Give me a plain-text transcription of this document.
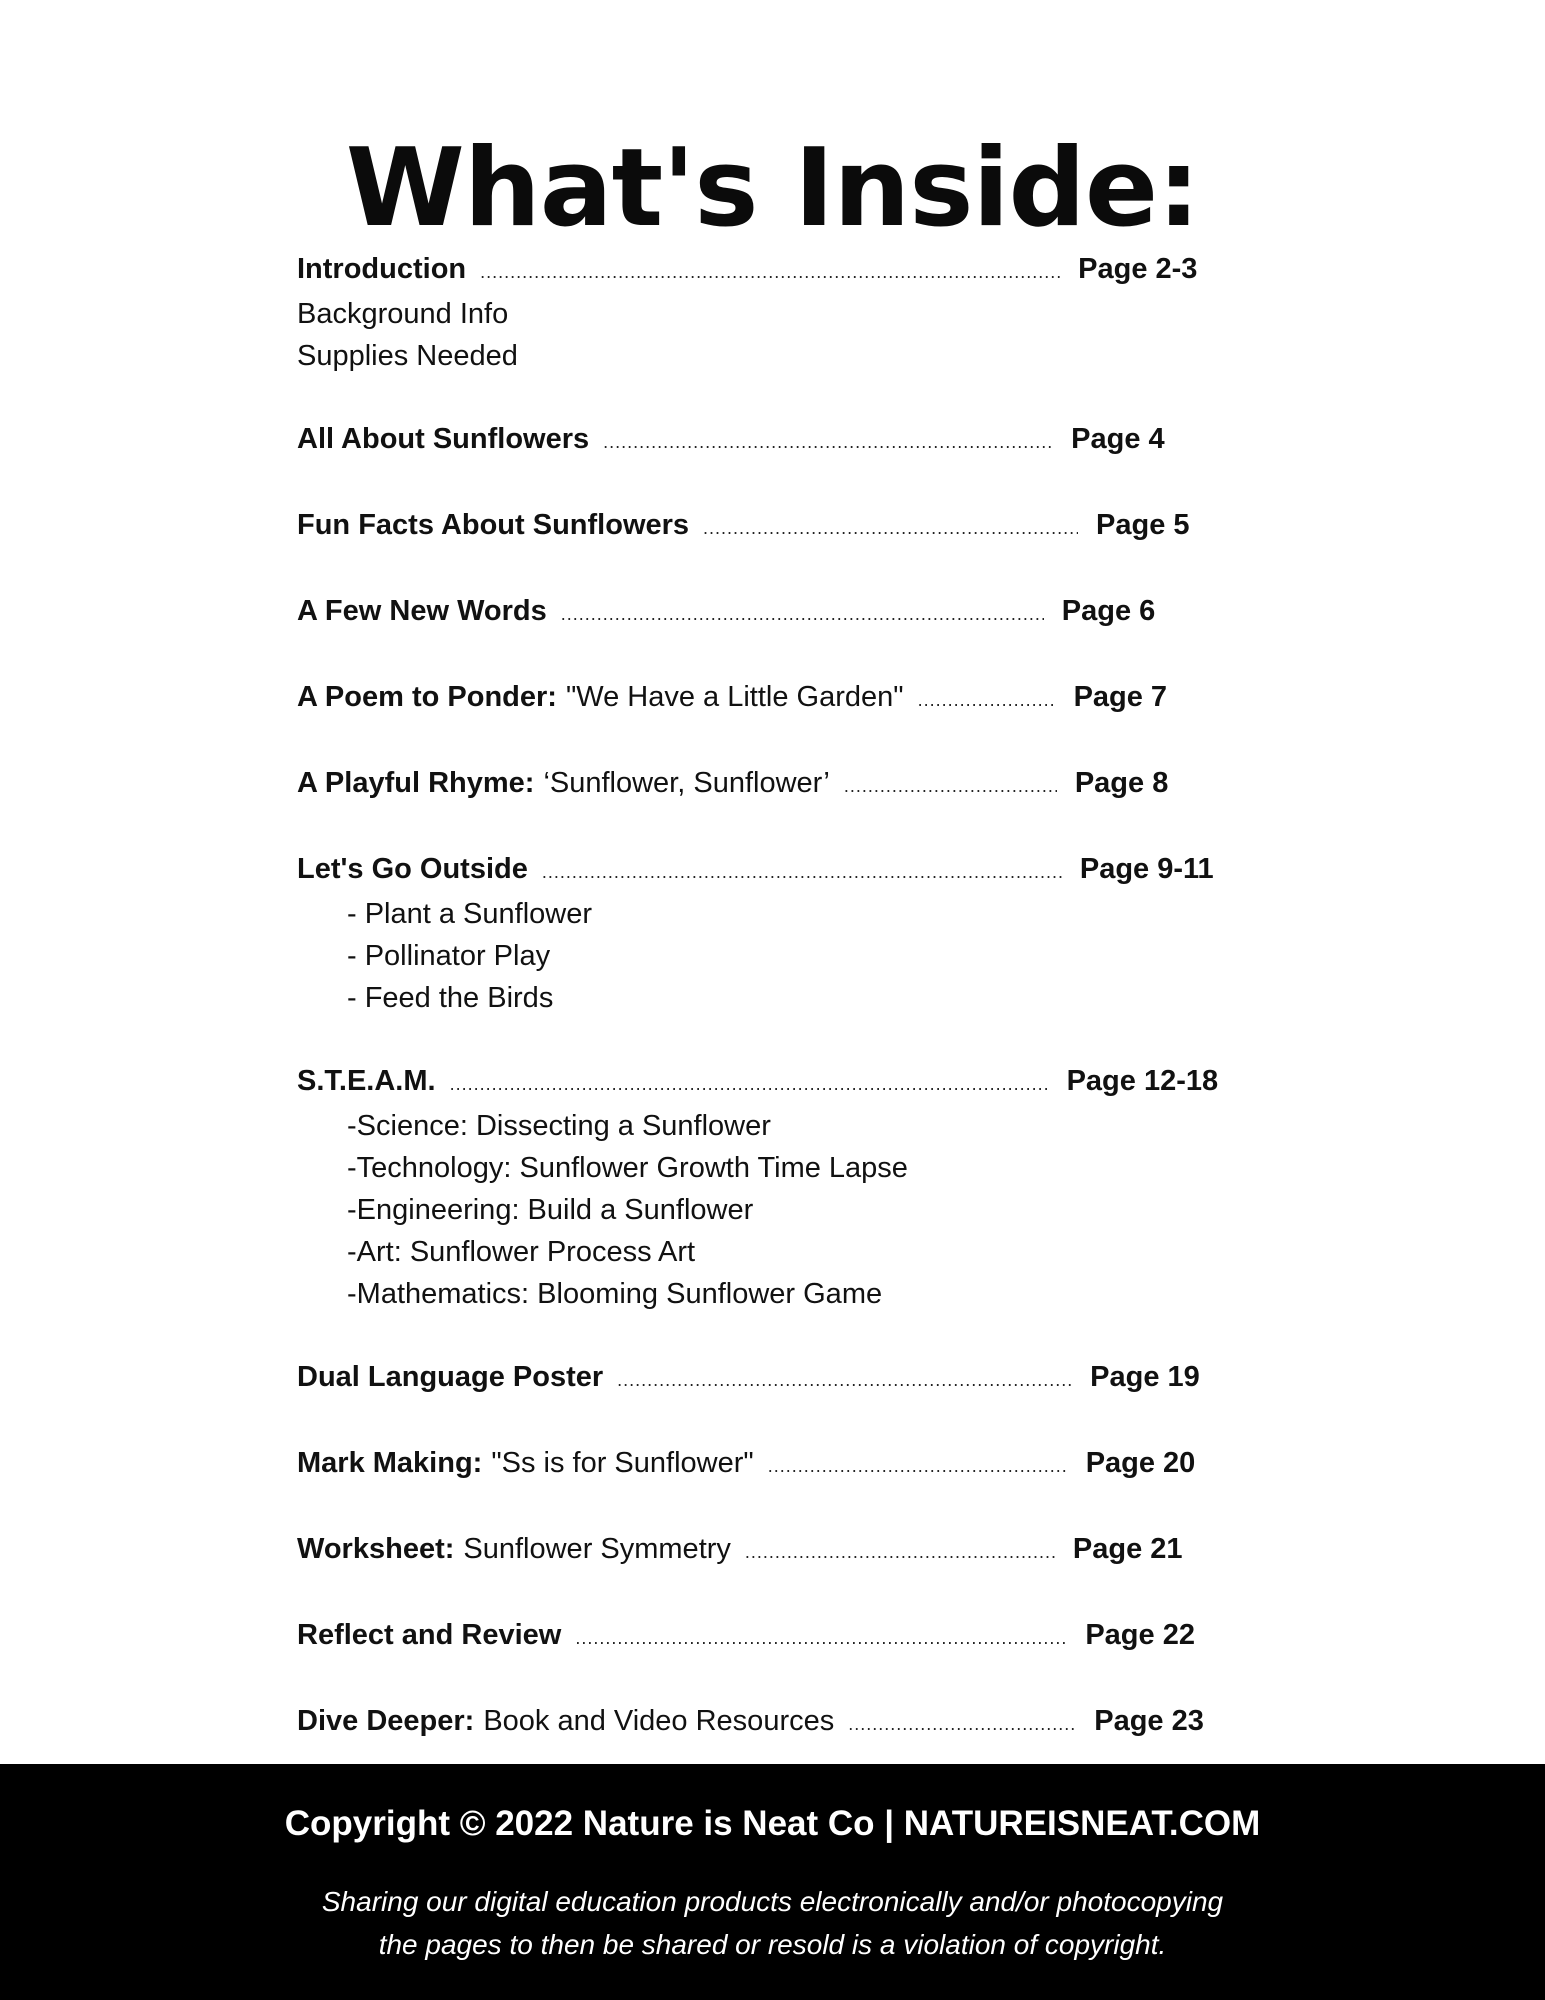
What's Inside:
Introduction .....	Page 2-3
Background Info
Supplies Needed
All About Sunflowers .....	Page 4
Fun Facts About Sunflowers .....	Page 5
A Few New Words .....	Page 6
A Poem to Ponder: "We Have a Little Garden" .....	Page 7
A Playful Rhyme: ‘Sunflower, Sunflower’ .....	Page 8
Let's Go Outside .....	Page 9-11
- Plant a Sunflower
- Pollinator Play
- Feed the Birds
S.T.E.A.M. .....	Page 12-18
-Science: Dissecting a Sunflower
-Technology: Sunflower Growth Time Lapse
-Engineering: Build a Sunflower
-Art: Sunflower Process Art
-Mathematics: Blooming Sunflower Game
Dual Language Poster .....	Page 19
Mark Making: "Ss is for Sunflower" .....	Page 20
Worksheet: Sunflower Symmetry .....	Page 21
Reflect and Review .....	Page 22
Dive Deeper: Book and Video Resources .....	Page 23
Copyright © 2022 Nature is Neat Co | NATUREISNEAT.COM
Sharing our digital education products electronically and/or photocopying
the pages to then be shared or resold is a violation of copyright.
